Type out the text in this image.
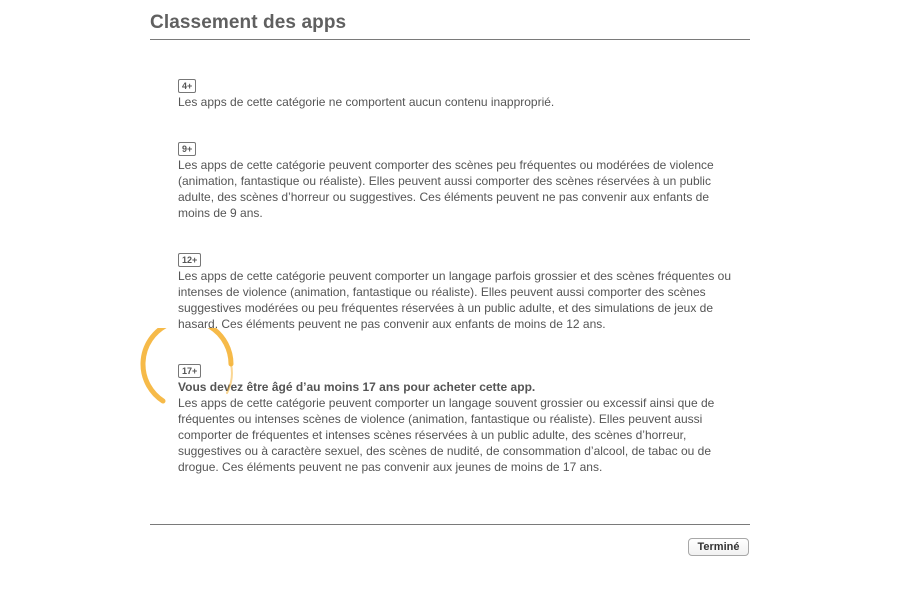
Classement des apps
4+

Les apps de cette catégorie ne comportent aucun contenu inapproprié.

9+

Les apps de cette catégorie peuvent comporter des scènes peu fréquentes ou modérées de violence (animation, fantastique ou réaliste). Elles peuvent aussi comporter des scènes réservées à un public adulte, des scènes d’horreur ou suggestives. Ces éléments peuvent ne pas convenir aux enfants de moins de 9 ans.

12+

Les apps de cette catégorie peuvent comporter un langage parfois grossier et des scènes fréquentes ou intenses de violence (animation, fantastique ou réaliste). Elles peuvent aussi comporter des scènes suggestives modérées ou peu fréquentes réservées à un public adulte, et des simulations de jeux de hasard. Ces éléments peuvent ne pas convenir aux enfants de moins de 12 ans.

17+

Vous devez être âgé d’au moins 17 ans pour acheter cette app.

Les apps de cette catégorie peuvent comporter un langage souvent grossier ou excessif ainsi que de fréquentes ou intenses scènes de violence (animation, fantastique ou réaliste). Elles peuvent aussi comporter de fréquentes et intenses scènes réservées à un public adulte, des scènes d’horreur, suggestives ou à caractère sexuel, des scènes de nudité, de consommation d’alcool, de tabac ou de drogue. Ces éléments peuvent ne pas convenir aux jeunes de moins de 17 ans.

Terminé
